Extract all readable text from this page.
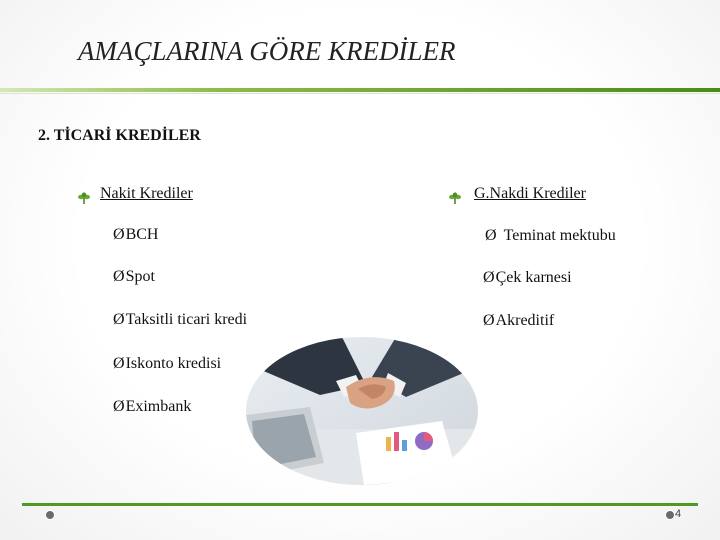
AMAÇLARINA GÖRE KREDİLER
2. TİCARİ KREDİLER
Nakit Krediler	G.Nakdi Krediler
Ø BCH
Ø Spot
Ø Taksitli ticari kredi
Ø Iskonto kredisi
Ø Eximbank
Ø Teminat mektubu
Ø Çek karnesi
Ø Akreditif
4
